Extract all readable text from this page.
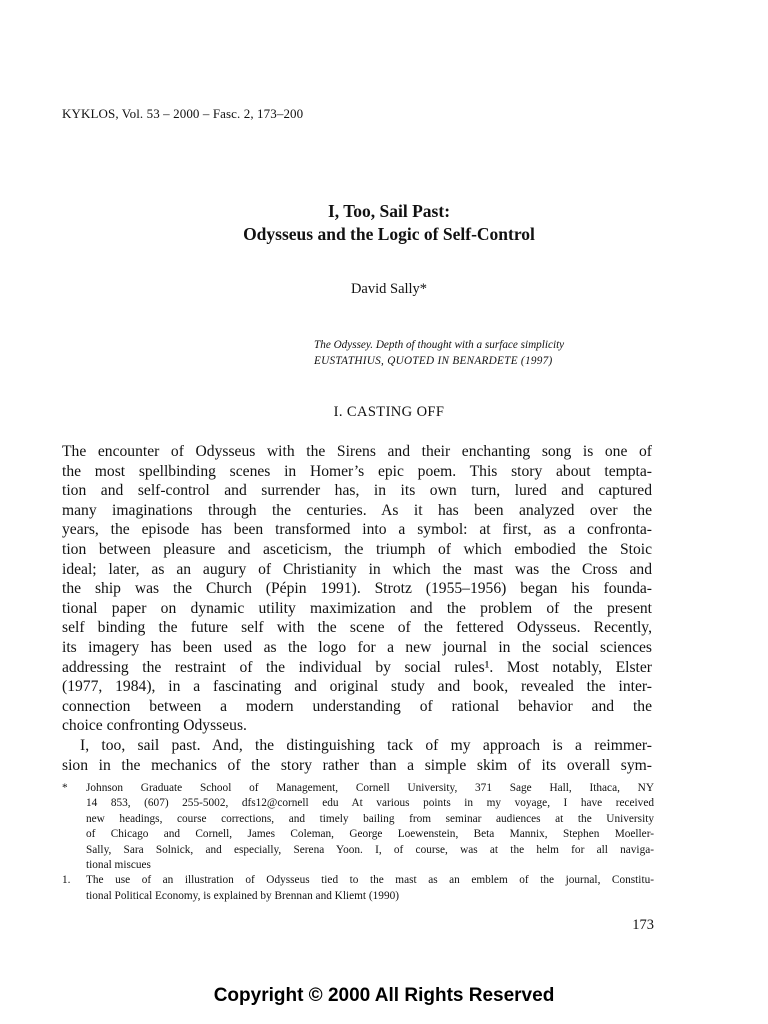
KYKLOS, Vol. 53 – 2000 – Fasc. 2, 173–200
I, Too, Sail Past:
Odysseus and the Logic of Self-Control
David Sally*
The Odyssey. Depth of thought with a surface simplicity
EUSTATHIUS, QUOTED IN BENARDETE (1997)
I. CASTING OFF
The encounter of Odysseus with the Sirens and their enchanting song is one of
the most spellbinding scenes in Homer’s epic poem. This story about tempta-
tion and self-control and surrender has, in its own turn, lured and captured
many imaginations through the centuries. As it has been analyzed over the
years, the episode has been transformed into a symbol: at first, as a confronta-
tion between pleasure and asceticism, the triumph of which embodied the Stoic
ideal; later, as an augury of Christianity in which the mast was the Cross and
the ship was the Church (Pépin 1991). Strotz (1955–1956) began his founda-
tional paper on dynamic utility maximization and the problem of the present
self binding the future self with the scene of the fettered Odysseus. Recently,
its imagery has been used as the logo for a new journal in the social sciences
addressing the restraint of the individual by social rules¹. Most notably, Elster
(1977, 1984), in a fascinating and original study and book, revealed the inter-
connection between a modern understanding of rational behavior and the
choice confronting Odysseus.
I, too, sail past. And, the distinguishing tack of my approach is a reimmer-
sion in the mechanics of the story rather than a simple skim of its overall sym-
* Johnson Graduate School of Management, Cornell University, 371 Sage Hall, Ithaca, NY
14 853, (607) 255-5002, dfs12@cornell edu At various points in my voyage, I have received
new headings, course corrections, and timely bailing from seminar audiences at the University
of Chicago and Cornell, James Coleman, George Loewenstein, Beta Mannix, Stephen Moeller-
Sally, Sara Solnick, and especially, Serena Yoon. I, of course, was at the helm for all naviga-
tional miscues
1. The use of an illustration of Odysseus tied to the mast as an emblem of the journal, Constitu-
tional Political Economy, is explained by Brennan and Kliemt (1990)
173
Copyright © 2000 All Rights Reserved
